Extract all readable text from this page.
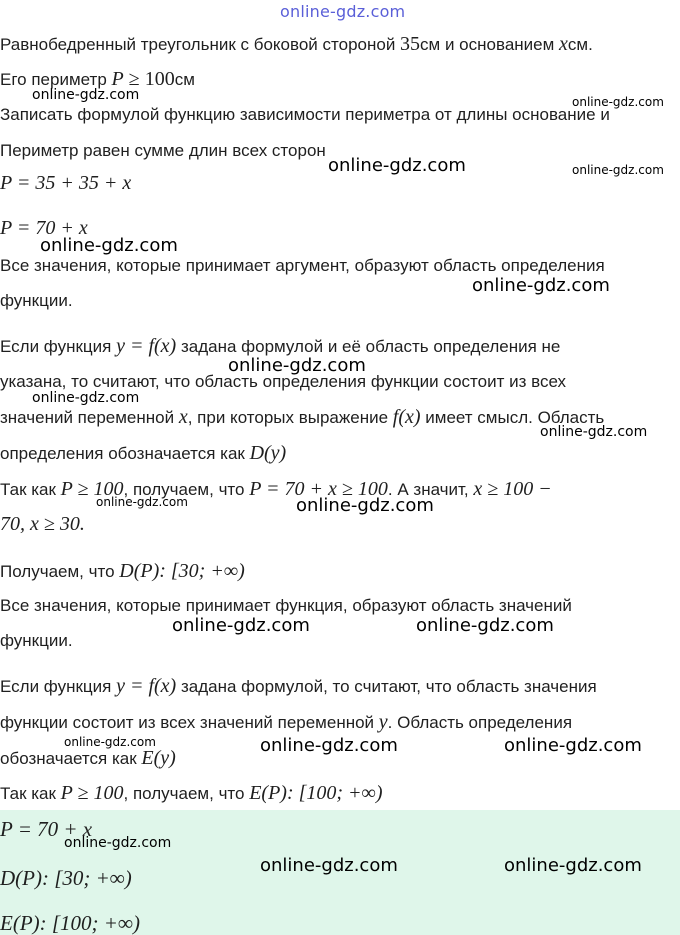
online-gdz.com
Равнобедренный треугольник с боковой стороной 35см и основанием xсм.
Его периметр P ≥ 100см
online-gdz.com	online-gdz.com
Записать формулой функцию зависимости периметра от длины основание и
Периметр равен сумме длин всех сторон
online-gdz.com	online-gdz.com
P = 35 + 35 + x
P = 70 + x
online-gdz.com
Все значения, которые принимает аргумент, образуют область определения
online-gdz.com
функции.
Если функция y = f(x) задана формулой и её область определения не
online-gdz.com
указана, то считают, что область определения функции состоит из всех
online-gdz.com
значений переменной x, при которых выражение f(x) имеет смысл. Область
online-gdz.com
определения обозначается как D(y)
Так как P ≥ 100, получаем, что P = 70 + x ≥ 100. А значит, x ≥ 100 −
online-gdz.com	online-gdz.com
70, x ≥ 30.
Получаем, что D(P): [30; +∞)
Все значения, которые принимает функция, образуют область значений
online-gdz.com	online-gdz.com
функции.
Если функция y = f(x) задана формулой, то считают, что область значения
функции состоит из всех значений переменной y. Область определения
online-gdz.com	online-gdz.com	online-gdz.com
обозначается как E(y)
Так как P ≥ 100, получаем, что E(P): [100; +∞)
P = 70 + x
online-gdz.com
online-gdz.com	online-gdz.com
D(P): [30; +∞)
E(P): [100; +∞)
